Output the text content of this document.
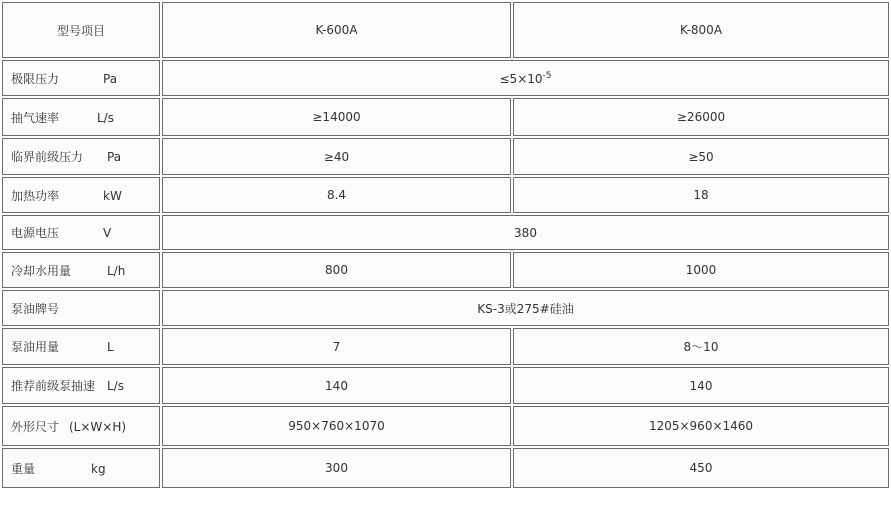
型号项目	K-600A	K-800A
极限压力 Pa	$\le 5\times 10^{-5}$
抽气速率 L/s	≥14000	≥26000
临界前级压力 Pa	≥40	≥50
加热功率 kW	8.4	18
电源电压 V	380	
冷却水用量 L/h	800	1000
泵油牌号	KS-3或275#硅油	
泵油用量 L	7	8～10
推荐前级泵抽速 L/s	140	140
外形尺寸 (L×W×H)	950×760×1070	1205×960×1460
重量 kg	300	450
